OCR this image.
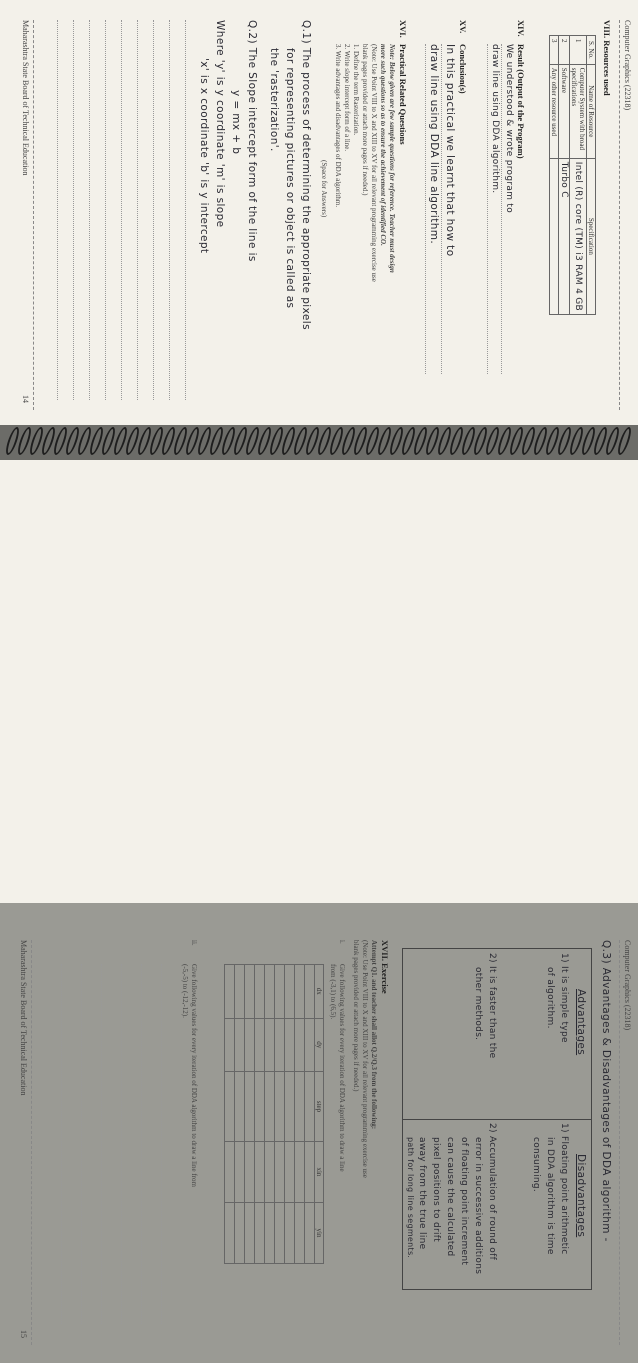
Computer Graphics (22318)
VIII. Resources used
S. No.	Name of Resource	Specification
1	Computer System with broad specifications	Intel (R) core (TM) i3 RAM 4 GB
2	Software	Turbo C
3	Any other resource used	
XIV.
Result (Output of the Program)
We understood & wrote program to
draw line using DDA algorithm.
XV.
Conclusion(s)
In this practical we learnt that how to
draw line using DDA line algorithm.
XVI.
Practical Related Questions
Note: Below given are few sample questions for reference. Teacher must design
more such questions so as to ensure the achievement of identified CO.
(Note: Use Point VIII to X and XIII to XV for all relevant programming exercise use
blank pages provided or attach more pages if needed.)
1. Define the term Rasterization.
2. Write slope intercept form of a line.
3. Write advantages and disadvantages of DDA algorithm.
(Space for Answers)
Q.1) The process of determining the appropriate pixels
for representing pictures or object is called as
the 'rasterization'.
Q.2) The Slope intercept form of the line is
y = mx + b
Where 'y' is y coordinate 'm' is slope
'x' is x coordinate 'b' is y intercept
Maharashtra State Board of Technical Education
14
Computer Graphics (22318)
Q.3) Advantages & Disadvantages of DDA algorithm -
Advantages
Disadvantages
1) It is simple type
of algorithm.
2) It is faster than the
other methods.
1) Floating point arithmetic
in DDA algorithm is time
consuming.
2) Accumulation of round off
error in successive additions
of floating point increment
can cause the calculated
pixel positions to drift
away from the true line
path for long line segments.
XVII. Exercise
Attempt Q1. and teacher shall allot Q.2/Q.3 from the following:
(Note: Use Point VIII to X and XIII to XV for all relevant programming exercise use
blank pages provided or attach more pages if needed.)
i.
Give following values for every iteration of DDA algorithm to draw a line
from (-3,1) to (6,5).
dx	dy	step	xin	yin

ii.
Give following values for every iteration of DDA algorithm to draw a line from
(-5,-5) to (-12,-12).
Maharashtra State Board of Technical Education
15
